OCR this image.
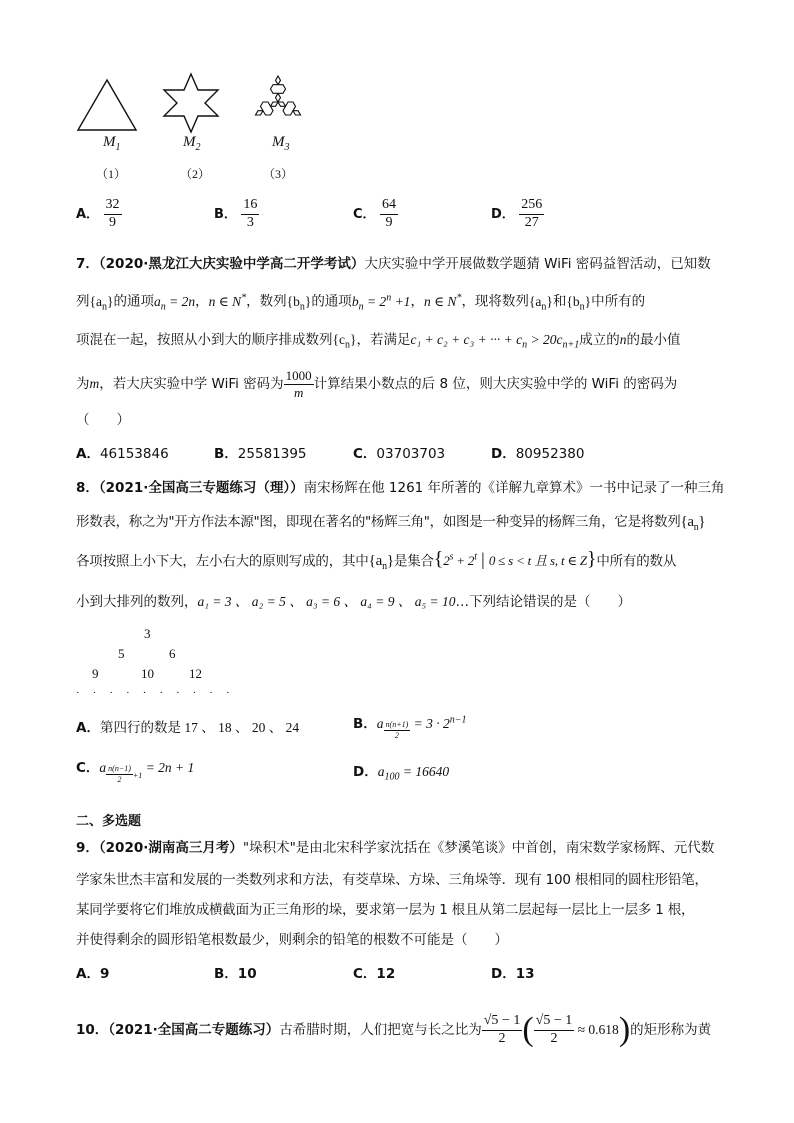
$M_1$	$M_2$	$M_3$
（1）	（2）	（3）
A． $\frac{32}{9}$	B． $\frac{16}{3}$	C． $\frac{64}{9}$	D． $\frac{256}{27}$
7．（2020·黑龙江大庆实验中学高二开学考试）大庆实验中学开展做数学题猜 WiFi 密码益智活动，已知数
列$\{a_n\}$的通项$a_n = 2n$，n ∈ N*，数列$\{b_n\}$的通项$b_n = 2^n +1$，n ∈ N*，现将数列$\{a_n\}$和$\{b_n\}$中所有的
项混在一起，按照从小到大的顺序排成数列$\{c_n\}$，若满足c₁ + c₂ + c₃ + ··· + $c_n > 20c_{n+1}$成立的n的最小值
为m，若大庆实验中学 WiFi 密码为 $\frac{1000}{m}$ 计算结果小数点的后 8 位，则大庆实验中学的 WiFi 的密码为
（　　）
A．46153846	B．25581395	C．03703703	D．80952380
8．（2021·全国高三专题练习（理））南宋杨辉在他 1261 年所著的《详解九章算术》一书中记录了一种三角
形数表，称之为"开方作法本源"图，即现在著名的"杨辉三角"，如图是一种变异的杨辉三角，它是将数列$\{a_n\}$
各项按照上小下大，左小右大的原则写成的，其中$\{a_n\}$是集合{$2^s + 2^t$ | 0 ≤ s < t 且 s, t ∈ Z}中所有的数从
小到大排列的数列，a₁ = 3 、 a₂ = 5 、 a₃ = 6 、 a₄ = 9 、 a₅ = 10…下列结论错误的是（　　）
3
5	6
9	10	12
·　·　·　·　·　·　·　·　·　·
A．第四行的数是 17 、 18 、 20 、 24	B．a $\frac{n(n+1)}{2} = 3 \cdot 2^{n-1}$
C．a $\frac{n(n-1)}{2} _{+1} = 2n + 1$	D．$a_{100} = 16640$
二、多选题
9．（2020·湖南高三月考）"垛积术"是由北宋科学家沈括在《梦溪笔谈》中首创，南宋数学家杨辉、元代数
学家朱世杰丰富和发展的一类数列求和方法，有茭草垛、方垛、三角垛等．现有 100 根相同的圆柱形铅笔，
某同学要将它们堆放成横截面为正三角形的垛，要求第一层为 1 根且从第二层起每一层比上一层多 1 根，
并使得剩余的圆形铅笔根数最少，则剩余的铅笔的根数不可能是（　　）
A．9	B．10	C．12	D．13
10．（2021·全国高二专题练习）古希腊时期，人们把宽与长之比为 $\frac{√5 - 1}{2}$ ( $\frac{√5 - 1}{2} \approx 0.618$)的矩形称为黄
